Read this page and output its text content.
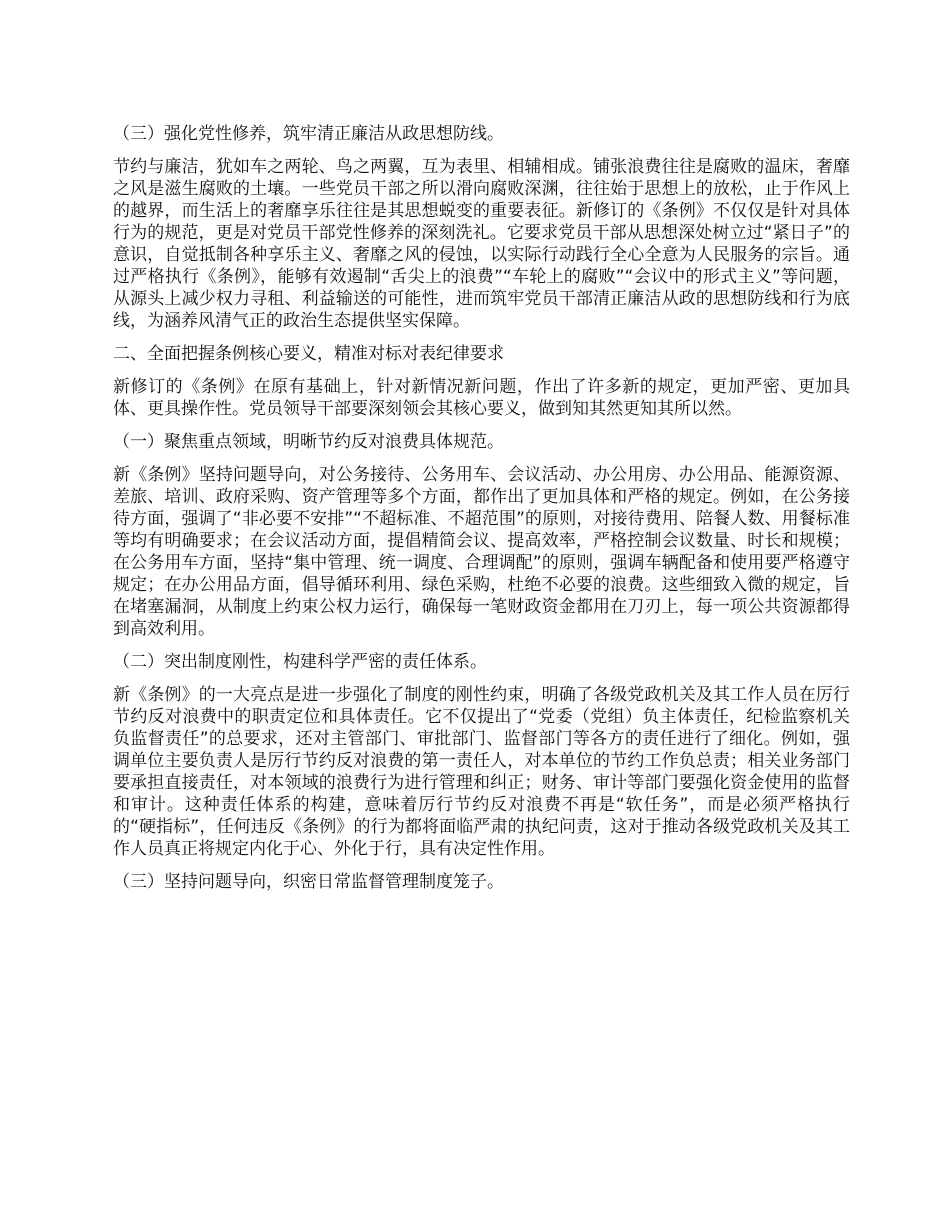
（三）强化党性修养，筑牢清正廉洁从政思想防线。

节约与廉洁，犹如车之两轮、鸟之两翼，互为表里、相辅相成。铺张浪费往往是腐败的温床，奢靡之风是滋生腐败的土壤。一些党员干部之所以滑向腐败深渊，往往始于思想上的放松，止于作风上的越界，而生活上的奢靡享乐往往是其思想蜕变的重要表征。新修订的《条例》不仅仅是针对具体行为的规范，更是对党员干部党性修养的深刻洗礼。它要求党员干部从思想深处树立过“紧日子”的意识，自觉抵制各种享乐主义、奢靡之风的侵蚀，以实际行动践行全心全意为人民服务的宗旨。通过严格执行《条例》，能够有效遏制“舌尖上的浪费”“车轮上的腐败”“会议中的形式主义”等问题，从源头上减少权力寻租、利益输送的可能性，进而筑牢党员干部清正廉洁从政的思想防线和行为底线，为涵养风清气正的政治生态提供坚实保障。

二、全面把握条例核心要义，精准对标对表纪律要求

新修订的《条例》在原有基础上，针对新情况新问题，作出了许多新的规定，更加严密、更加具体、更具操作性。党员领导干部要深刻领会其核心要义，做到知其然更知其所以然。

（一）聚焦重点领域，明晰节约反对浪费具体规范。

新《条例》坚持问题导向，对公务接待、公务用车、会议活动、办公用房、办公用品、能源资源、差旅、培训、政府采购、资产管理等多个方面，都作出了更加具体和严格的规定。例如，在公务接待方面，强调了“非必要不安排”“不超标准、不超范围”的原则，对接待费用、陪餐人数、用餐标准等均有明确要求；在会议活动方面，提倡精简会议、提高效率，严格控制会议数量、时长和规模；在公务用车方面，坚持“集中管理、统一调度、合理调配”的原则，强调车辆配备和使用要严格遵守规定；在办公用品方面，倡导循环利用、绿色采购，杜绝不必要的浪费。这些细致入微的规定，旨在堵塞漏洞，从制度上约束公权力运行，确保每一笔财政资金都用在刀刃上，每一项公共资源都得到高效利用。

（二）突出制度刚性，构建科学严密的责任体系。

新《条例》的一大亮点是进一步强化了制度的刚性约束，明确了各级党政机关及其工作人员在厉行节约反对浪费中的职责定位和具体责任。它不仅提出了“党委（党组）负主体责任，纪检监察机关负监督责任”的总要求，还对主管部门、审批部门、监督部门等各方的责任进行了细化。例如，强调单位主要负责人是厉行节约反对浪费的第一责任人，对本单位的节约工作负总责；相关业务部门要承担直接责任，对本领域的浪费行为进行管理和纠正；财务、审计等部门要强化资金使用的监督和审计。这种责任体系的构建，意味着厉行节约反对浪费不再是“软任务”，而是必须严格执行的“硬指标”，任何违反《条例》的行为都将面临严肃的执纪问责，这对于推动各级党政机关及其工作人员真正将规定内化于心、外化于行，具有决定性作用。

（三）坚持问题导向，织密日常监督管理制度笼子。
